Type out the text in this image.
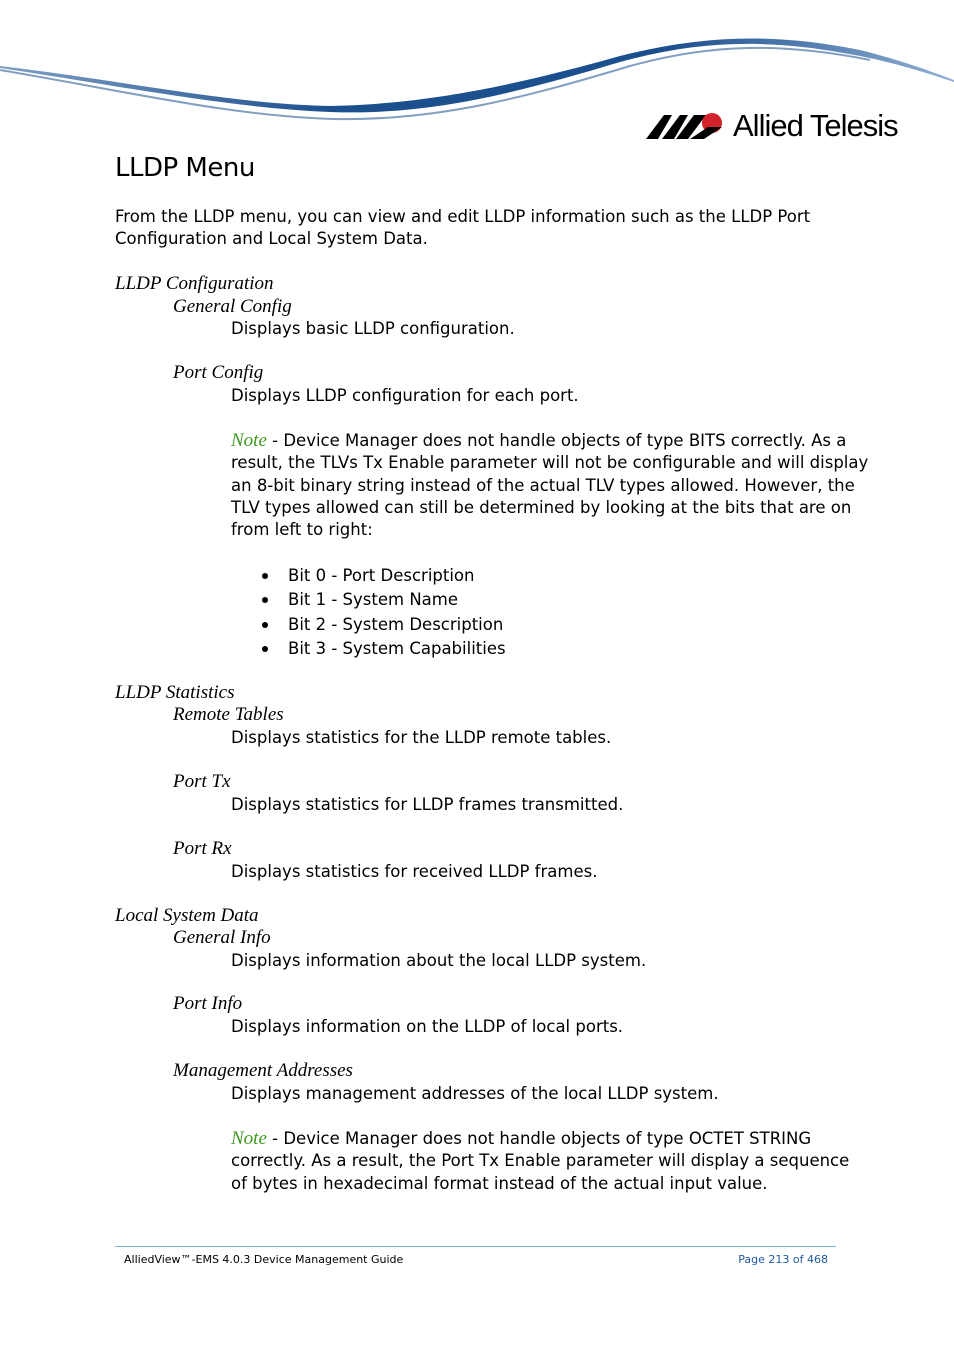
Allied Telesis
LLDP Menu
From the LLDP menu, you can view and edit LLDP information such as the LLDP Port
Configuration and Local System Data.
LLDP Configuration
General Config
Displays basic LLDP configuration.
Port Config
Displays LLDP configuration for each port.
Note - Device Manager does not handle objects of type BITS correctly. As a
result, the TLVs Tx Enable parameter will not be configurable and will display
an 8-bit binary string instead of the actual TLV types allowed. However, the
TLV types allowed can still be determined by looking at the bits that are on
from left to right:
Bit 0 - Port Description
Bit 1 - System Name
Bit 2 - System Description
Bit 3 - System Capabilities
LLDP Statistics
Remote Tables
Displays statistics for the LLDP remote tables.
Port Tx
Displays statistics for LLDP frames transmitted.
Port Rx
Displays statistics for received LLDP frames.
Local System Data
General Info
Displays information about the local LLDP system.
Port Info
Displays information on the LLDP of local ports.
Management Addresses
Displays management addresses of the local LLDP system.
Note - Device Manager does not handle objects of type OCTET STRING
correctly. As a result, the Port Tx Enable parameter will display a sequence
of bytes in hexadecimal format instead of the actual input value.
AlliedView™-EMS 4.0.3 Device Management Guide	Page 213 of 468
